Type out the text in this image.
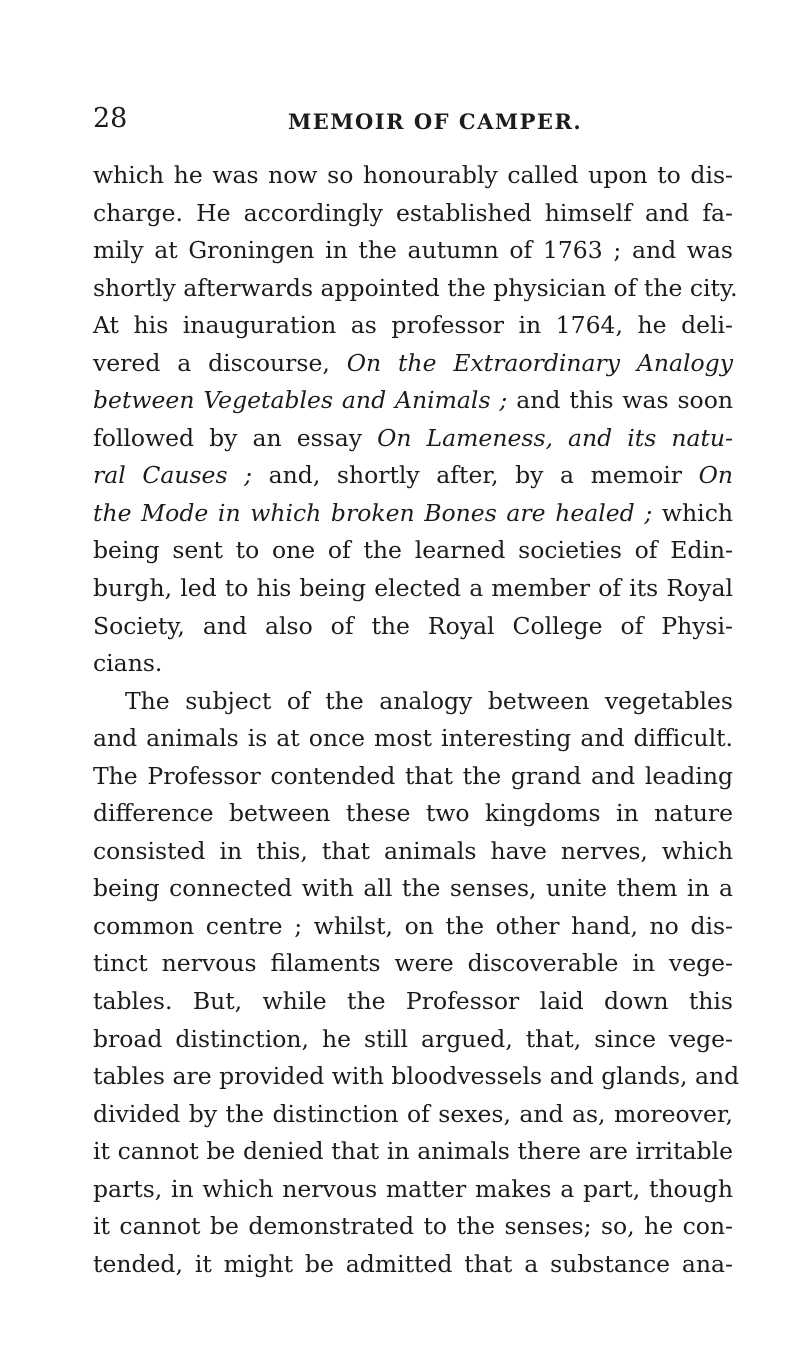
28	MEMOIR OF CAMPER.
which he was now so honourably called upon to dis-
charge. He accordingly established himself and fa-
mily at Groningen in the autumn of 1763 ; and was
shortly afterwards appointed the physician of the city.
At his inauguration as professor in 1764, he deli-
vered a discourse, On the Extraordinary Analogy
between Vegetables and Animals ; and this was soon
followed by an essay On Lameness, and its natu-
ral Causes ; and, shortly after, by a memoir On
the Mode in which broken Bones are healed ; which
being sent to one of the learned societies of Edin-
burgh, led to his being elected a member of its Royal
Society, and also of the Royal College of Physi-
cians.
The subject of the analogy between vegetables
and animals is at once most interesting and difficult.
The Professor contended that the grand and leading
difference between these two kingdoms in nature
consisted in this, that animals have nerves, which
being connected with all the senses, unite them in a
common centre ; whilst, on the other hand, no dis-
tinct nervous filaments were discoverable in vege-
tables. But, while the Professor laid down this
broad distinction, he still argued, that, since vege-
tables are provided with bloodvessels and glands, and
divided by the distinction of sexes, and as, moreover,
it cannot be denied that in animals there are irritable
parts, in which nervous matter makes a part, though
it cannot be demonstrated to the senses; so, he con-
tended, it might be admitted that a substance ana-
